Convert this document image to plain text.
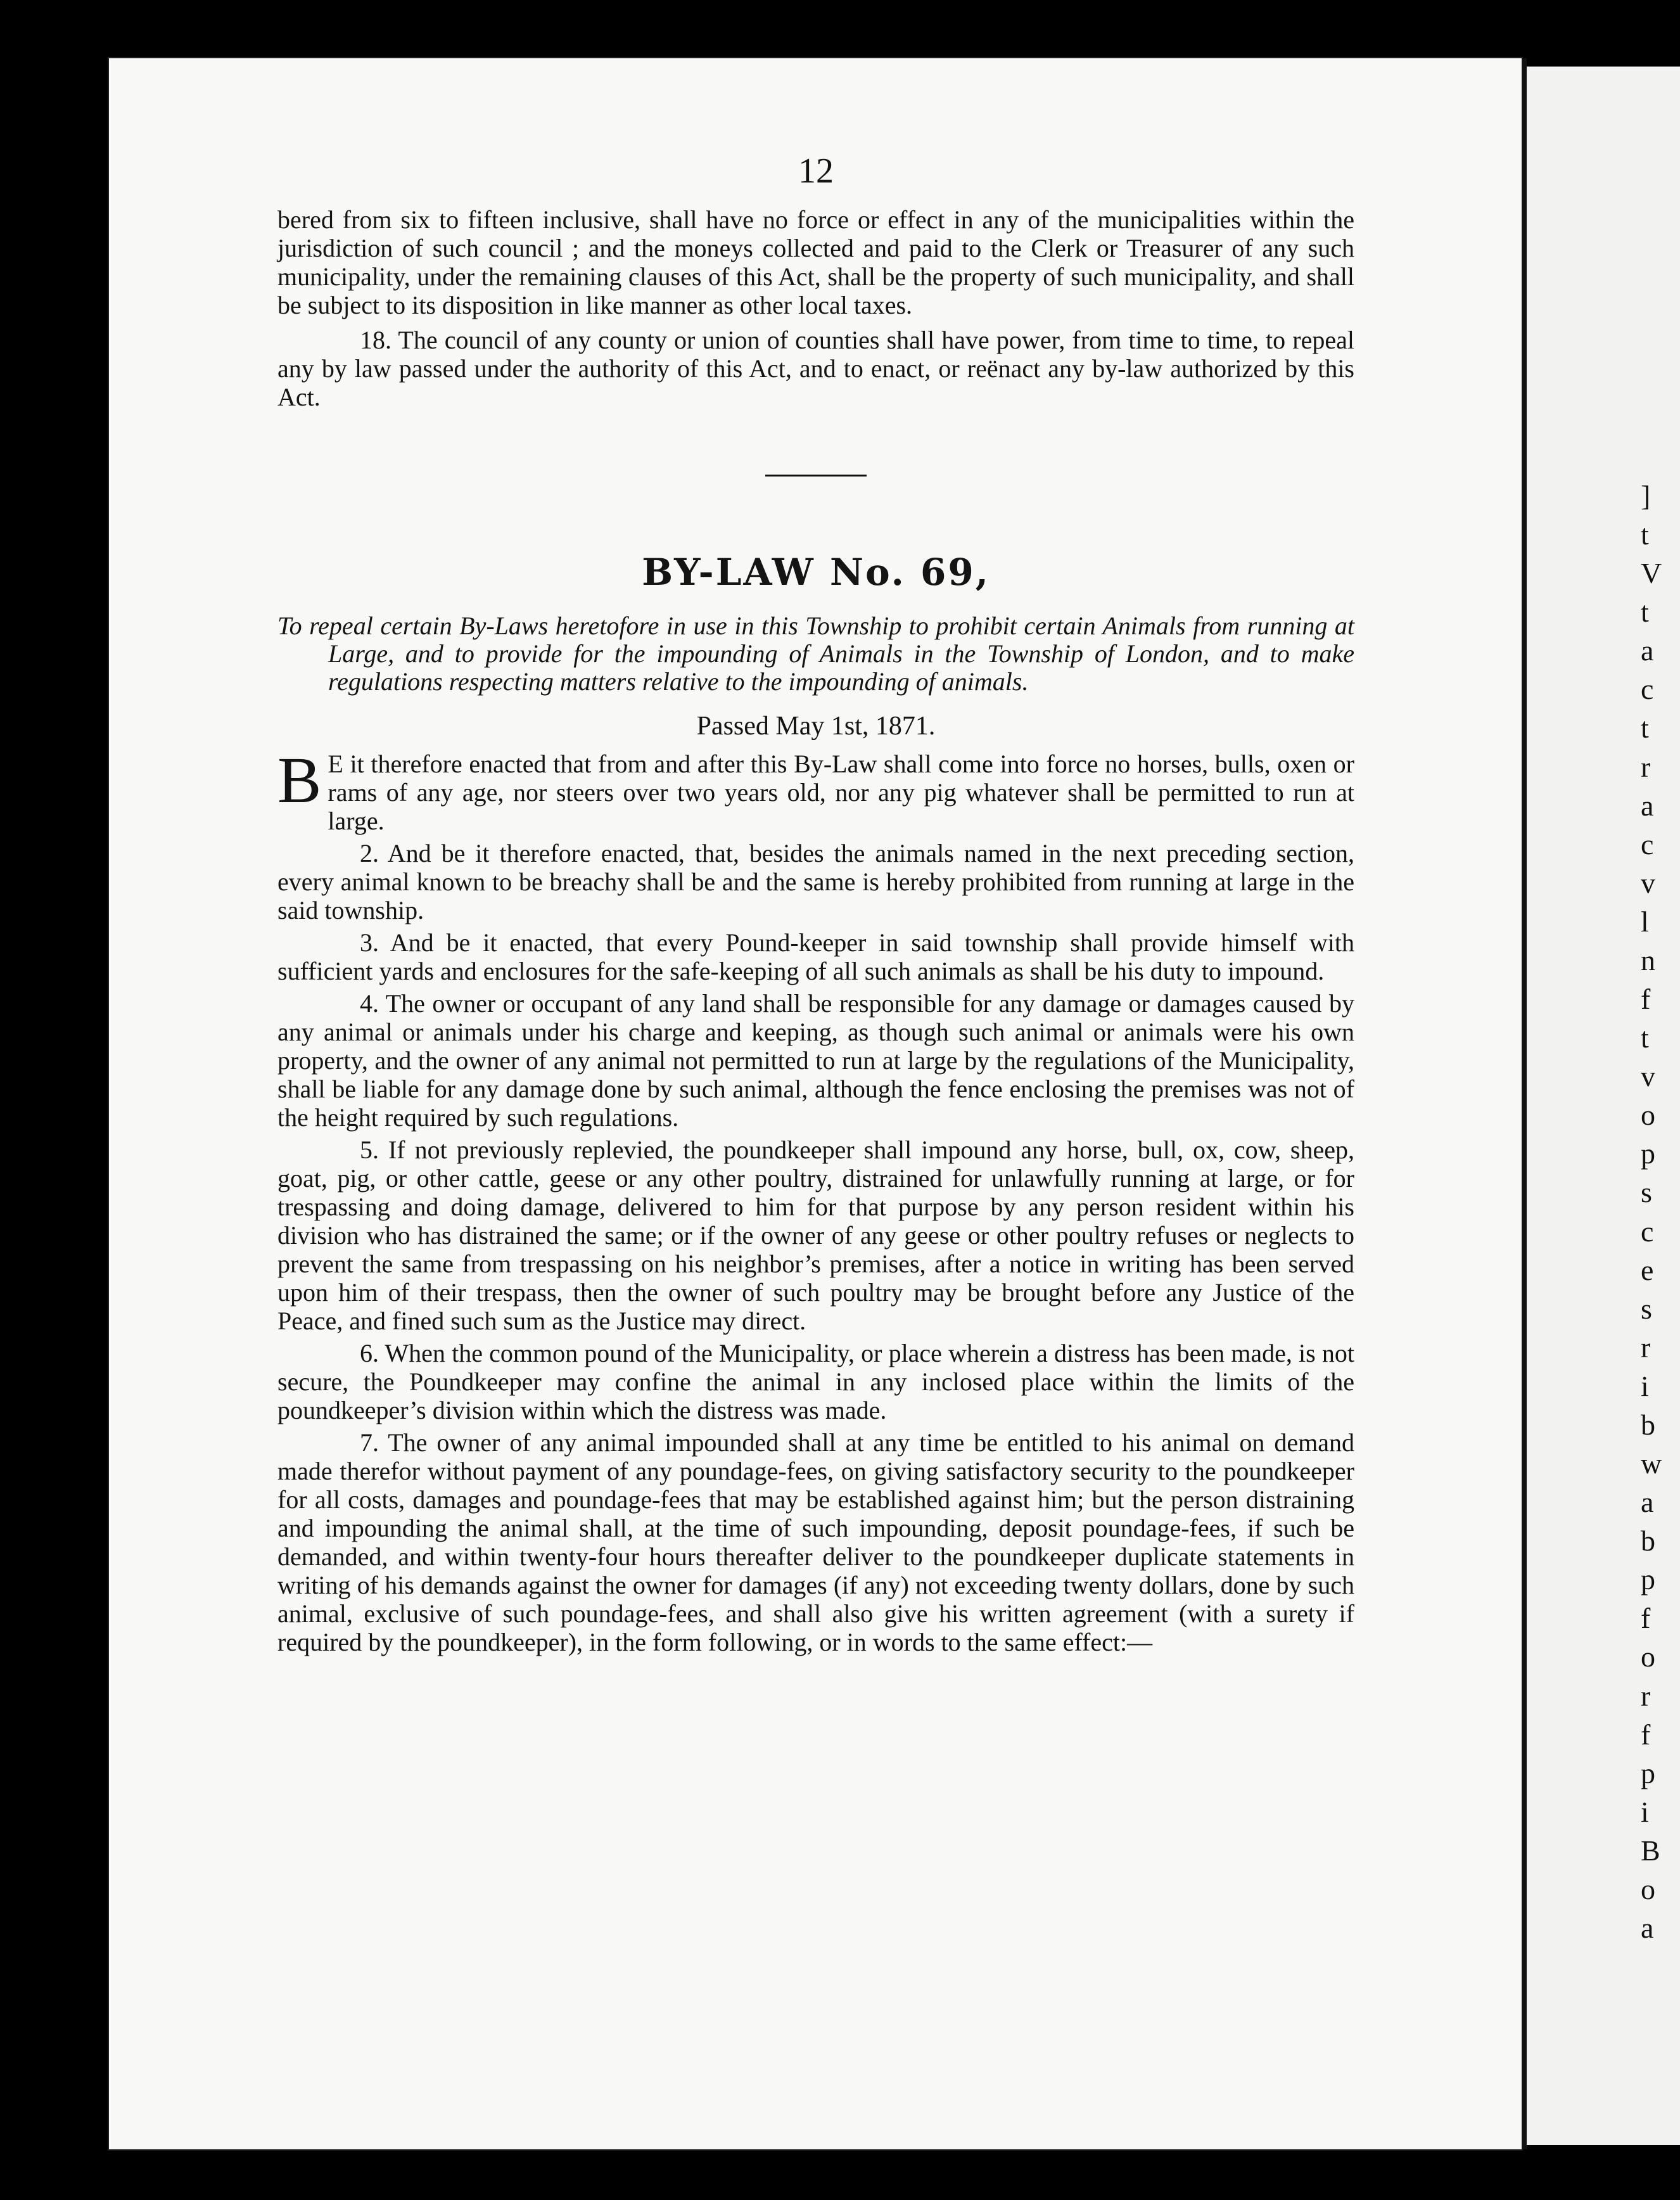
]
t
V
t
a
c
t
r
a
c
v
l
n
f
t
v
o
p
s
c
e
s
r
i
b
w
a
b
p
f
o
r
f
p
i
B
o
a
12

bered from six to fifteen inclusive, shall have no force or effect in any of the municipalities within the jurisdiction of such council ; and the moneys collected and paid to the Clerk or Treasurer of any such municipality, under the remaining clauses of this Act, shall be the property of such municipality, and shall be subject to its disposition in like manner as other local taxes.

18. The council of any county or union of counties shall have power, from time to time, to repeal any by law passed under the authority of this Act, and to enact, or reënact any by-law authorized by this Act.

BY-LAW No. 69,

To repeal certain By-Laws heretofore in use in this Township to prohibit certain Animals from running at Large, and to provide for the impounding of Animals in the Township of London, and to make regulations respecting matters relative to the impounding of animals.

Passed May 1st, 1871.

B E it therefore enacted that from and after this By-Law shall come into force no horses, bulls, oxen or rams of any age, nor steers over two years old, nor any pig whatever shall be permitted to run at large.

2. And be it therefore enacted, that, besides the animals named in the next preceding section, every animal known to be breachy shall be and the same is hereby prohibited from running at large in the said township.

3. And be it enacted, that every Pound-keeper in said township shall provide himself with sufficient yards and enclosures for the safe-keeping of all such animals as shall be his duty to impound.

4. The owner or occupant of any land shall be responsible for any damage or damages caused by any animal or animals under his charge and keeping, as though such animal or animals were his own property, and the owner of any animal not permitted to run at large by the regulations of the Municipality, shall be liable for any damage done by such animal, although the fence enclosing the premises was not of the height required by such regulations.

5. If not previously replevied, the poundkeeper shall impound any horse, bull, ox, cow, sheep, goat, pig, or other cattle, geese or any other poultry, distrained for unlawfully running at large, or for trespassing and doing damage, delivered to him for that purpose by any person resident within his division who has distrained the same; or if the owner of any geese or other poultry refuses or neglects to prevent the same from trespassing on his neighbor’s premises, after a notice in writing has been served upon him of their trespass, then the owner of such poultry may be brought before any Justice of the Peace, and fined such sum as the Justice may direct.

6. When the common pound of the Municipality, or place wherein a distress has been made, is not secure, the Poundkeeper may confine the animal in any inclosed place within the limits of the poundkeeper’s division within which the distress was made.

7. The owner of any animal impounded shall at any time be entitled to his animal on demand made therefor without payment of any poundage-fees, on giving satisfactory security to the poundkeeper for all costs, damages and poundage-fees that may be established against him; but the person distraining and impounding the animal shall, at the time of such impounding, deposit poundage-fees, if such be demanded, and within twenty-four hours thereafter deliver to the poundkeeper duplicate statements in writing of his demands against the owner for damages (if any) not exceeding twenty dollars, done by such animal, exclusive of such poundage-fees, and shall also give his written agreement (with a surety if required by the poundkeeper), in the form following, or in words to the same effect:—
